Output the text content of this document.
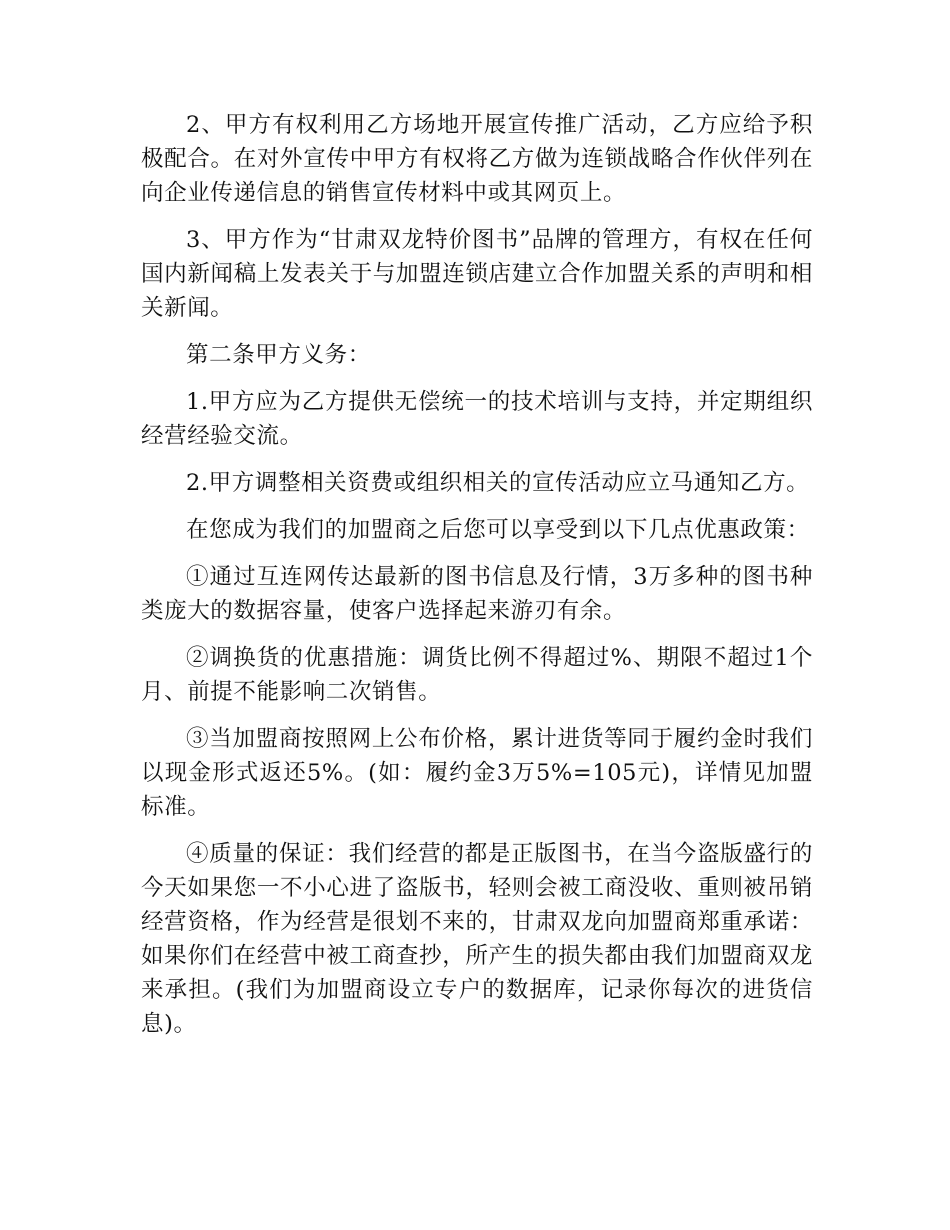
2、甲方有权利用乙方场地开展宣传推广活动，乙方应给予积极配合。在对外宣传中甲方有权将乙方做为连锁战略合作伙伴列在向企业传递信息的销售宣传材料中或其网页上。

3、甲方作为“甘肃双龙特价图书”品牌的管理方，有权在任何国内新闻稿上发表关于与加盟连锁店建立合作加盟关系的声明和相关新闻。

第二条甲方义务：

1.甲方应为乙方提供无偿统一的技术培训与支持，并定期组织经营经验交流。

2.甲方调整相关资费或组织相关的宣传活动应立马通知乙方。

在您成为我们的加盟商之后您可以享受到以下几点优惠政策：

①通过互连网传达最新的图书信息及行情，3万多种的图书种类庞大的数据容量，使客户选择起来游刃有余。

②调换货的优惠措施：调货比例不得超过%、期限不超过1个月、前提不能影响二次销售。

③当加盟商按照网上公布价格，累计进货等同于履约金时我们以现金形式返还5%。(如：履约金3万5%=105元)，详情见加盟标准。

④质量的保证：我们经营的都是正版图书，在当今盗版盛行的今天如果您一不小心进了盗版书，轻则会被工商没收、重则被吊销经营资格，作为经营是很划不来的，甘肃双龙向加盟商郑重承诺：如果你们在经营中被工商查抄，所产生的损失都由我们加盟商双龙来承担。(我们为加盟商设立专户的数据库，记录你每次的进货信息)。
